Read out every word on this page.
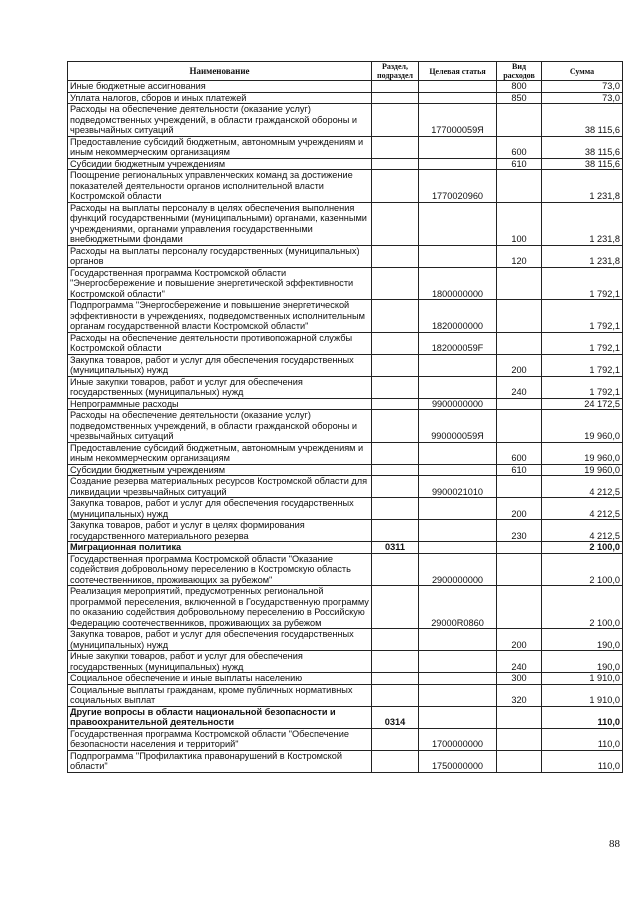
Наименование	Раздел, подраздел	Целевая статья	Вид расходов	Сумма
Иные бюджетные ассигнования			800	73,0
Уплата налогов, сборов и иных платежей			850	73,0
Расходы на обеспечение деятельности (оказание услуг) подведомственных учреждений, в области гражданской обороны и чрезвычайных ситуаций		177000059Я		38 115,6
Предоставление субсидий бюджетным, автономным учреждениям и иным некоммерческим организациям			600	38 115,6
Субсидии бюджетным учреждениям			610	38 115,6
Поощрение региональных управленческих команд за достижение показателей деятельности органов исполнительной власти Костромской области		1770020960		1 231,8
Расходы на выплаты персоналу в целях обеспечения выполнения функций государственными (муниципальными) органами, казенными учреждениями, органами управления государственными внебюджетными фондами			100	1 231,8
Расходы на выплаты персоналу государственных (муниципальных) органов			120	1 231,8
Государственная программа Костромской области "Энергосбережение и повышение энергетической эффективности Костромской области"		1800000000		1 792,1
Подпрограмма "Энергосбережение и повышение энергетической эффективности в учреждениях, подведомственных исполнительным органам государственной власти Костромской области"		1820000000		1 792,1
Расходы на обеспечение деятельности противопожарной службы Костромской области		182000059F		1 792,1
Закупка товаров, работ и услуг для обеспечения государственных (муниципальных) нужд			200	1 792,1
Иные закупки товаров, работ и услуг для обеспечения государственных (муниципальных) нужд			240	1 792,1
Непрограммные расходы		9900000000		24 172,5
Расходы на обеспечение деятельности (оказание услуг) подведомственных учреждений, в области гражданской обороны и чрезвычайных ситуаций		990000059Я		19 960,0
Предоставление субсидий бюджетным, автономным учреждениям и иным некоммерческим организациям			600	19 960,0
Субсидии бюджетным учреждениям			610	19 960,0
Создание резерва материальных ресурсов Костромской области для ликвидации чрезвычайных ситуаций		9900021010		4 212,5
Закупка товаров, работ и услуг для обеспечения государственных (муниципальных) нужд			200	4 212,5
Закупка товаров, работ и услуг в целях формирования государственного материального резерва			230	4 212,5
Миграционная политика	0311			2 100,0
Государственная программа Костромской области "Оказание содействия добровольному переселению в Костромскую область соотечественников, проживающих за рубежом"		2900000000		2 100,0
Реализация мероприятий, предусмотренных региональной программой переселения, включенной в Государственную программу по оказанию содействия добровольному переселению в Российскую Федерацию соотечественников, проживающих за рубежом		29000R0860		2 100,0
Закупка товаров, работ и услуг для обеспечения государственных (муниципальных) нужд			200	190,0
Иные закупки товаров, работ и услуг для обеспечения государственных (муниципальных) нужд			240	190,0
Социальное обеспечение и иные выплаты населению			300	1 910,0
Социальные выплаты гражданам, кроме публичных нормативных социальных выплат			320	1 910,0
Другие вопросы в области национальной безопасности и правоохранительной деятельности	0314			110,0
Государственная программа Костромской области "Обеспечение безопасности населения и территорий"		1700000000		110,0
Подпрограмма "Профилактика правонарушений в Костромской области"		1750000000		110,0
88
